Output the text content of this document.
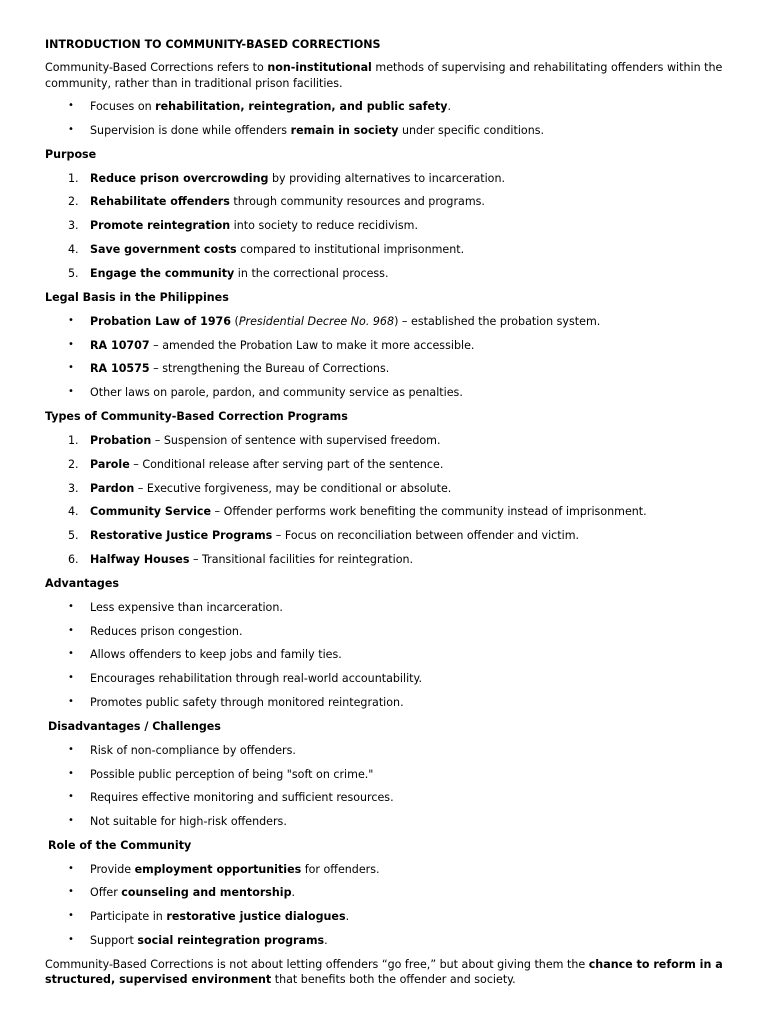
INTRODUCTION TO COMMUNITY-BASED CORRECTIONS
Community-Based Corrections refers to non-institutional methods of supervising and rehabilitating offenders within the
community, rather than in traditional prison facilities.
•	Focuses on rehabilitation, reintegration, and public safety.
•	Supervision is done while offenders remain in society under specific conditions.
Purpose
1.	Reduce prison overcrowding by providing alternatives to incarceration.
2.	Rehabilitate offenders through community resources and programs.
3.	Promote reintegration into society to reduce recidivism.
4.	Save government costs compared to institutional imprisonment.
5.	Engage the community in the correctional process.
Legal Basis in the Philippines
•	Probation Law of 1976 (Presidential Decree No. 968) – established the probation system.
•	RA 10707 – amended the Probation Law to make it more accessible.
•	RA 10575 – strengthening the Bureau of Corrections.
•	Other laws on parole, pardon, and community service as penalties.
Types of Community-Based Correction Programs
1.	Probation – Suspension of sentence with supervised freedom.
2.	Parole – Conditional release after serving part of the sentence.
3.	Pardon – Executive forgiveness, may be conditional or absolute.
4.	Community Service – Offender performs work benefiting the community instead of imprisonment.
5.	Restorative Justice Programs – Focus on reconciliation between offender and victim.
6.	Halfway Houses – Transitional facilities for reintegration.
Advantages
•	Less expensive than incarceration.
•	Reduces prison congestion.
•	Allows offenders to keep jobs and family ties.
•	Encourages rehabilitation through real-world accountability.
•	Promotes public safety through monitored reintegration.
Disadvantages / Challenges
•	Risk of non-compliance by offenders.
•	Possible public perception of being "soft on crime."
•	Requires effective monitoring and sufficient resources.
•	Not suitable for high-risk offenders.
Role of the Community
•	Provide employment opportunities for offenders.
•	Offer counseling and mentorship.
•	Participate in restorative justice dialogues.
•	Support social reintegration programs.
Community-Based Corrections is not about letting offenders “go free,” but about giving them the chance to reform in a
structured, supervised environment that benefits both the offender and society.
